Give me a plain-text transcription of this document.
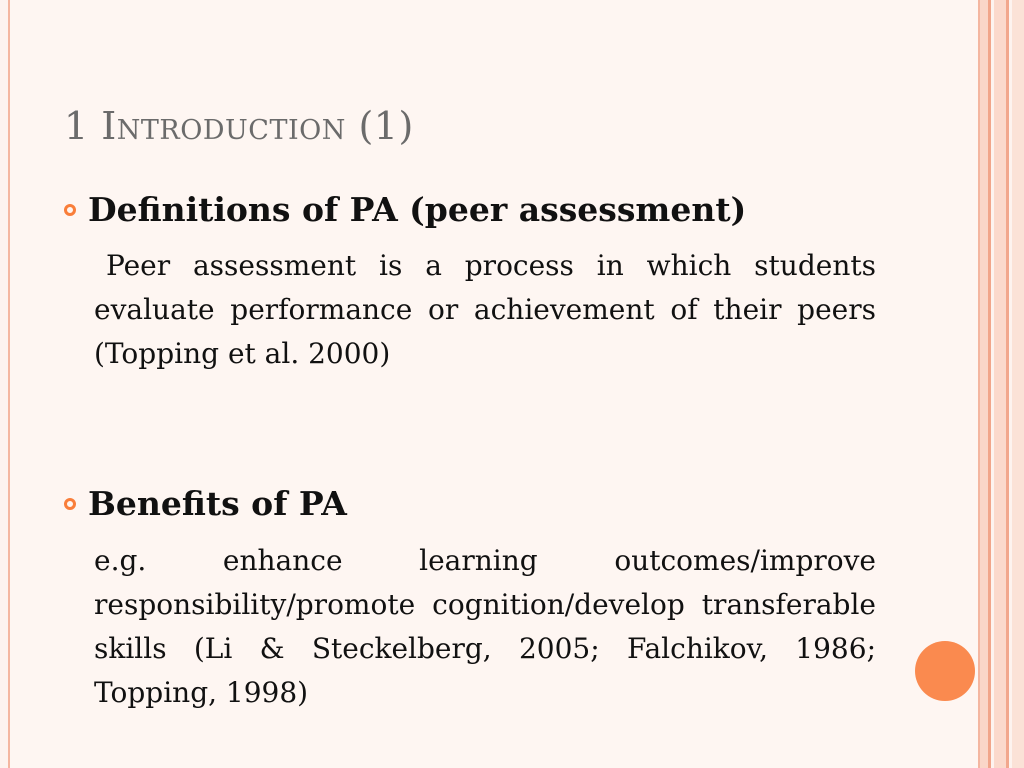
1 Introduction (1)
Definitions of PA (peer assessment)
Peer assessment is a process in which students evaluate performance or achievement of their peers (Topping et al. 2000)
Benefits of PA
e.g. enhance learning outcomes/improve responsibility/promote cognition/develop transferable skills (Li & Steckelberg, 2005; Falchikov, 1986; Topping, 1998)
